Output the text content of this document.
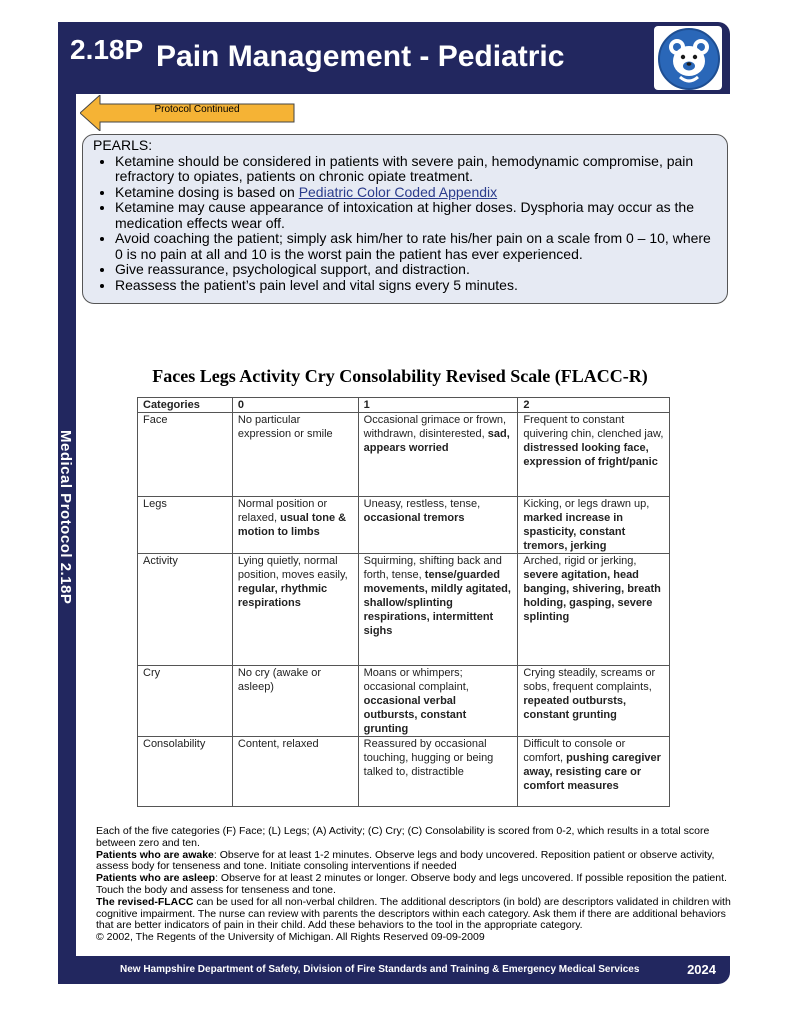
2.18P Pain Management - Pediatric
Medical Protocol 2.18P
Protocol Continued
PEARLS:
• Ketamine should be considered in patients with severe pain, hemodynamic compromise, pain refractory to opiates, patients on chronic opiate treatment.
• Ketamine dosing is based on Pediatric Color Coded Appendix
• Ketamine may cause appearance of intoxication at higher doses. Dysphoria may occur as the medication effects wear off.
• Avoid coaching the patient; simply ask him/her to rate his/her pain on a scale from 0 – 10, where 0 is no pain at all and 10 is the worst pain the patient has ever experienced.
• Give reassurance, psychological support, and distraction.
• Reassess the patient’s pain level and vital signs every 5 minutes.
Faces Legs Activity Cry Consolability Revised Scale (FLACC-R)
Categories	0	1	2
Face	No particular expression or smile	Occasional grimace or frown, withdrawn, disinterested, sad, appears worried	Frequent to constant quivering chin, clenched jaw, distressed looking face, expression of fright/panic
Legs	Normal position or relaxed, usual tone & motion to limbs	Uneasy, restless, tense, occasional tremors	Kicking, or legs drawn up, marked increase in spasticity, constant tremors, jerking
Activity	Lying quietly, normal position, moves easily, regular, rhythmic respirations	Squirming, shifting back and forth, tense, tense/guarded movements, mildly agitated, shallow/splinting respirations, intermittent sighs	Arched, rigid or jerking, severe agitation, head banging, shivering, breath holding, gasping, severe splinting
Cry	No cry (awake or asleep)	Moans or whimpers; occasional complaint, occasional verbal outbursts, constant grunting	Crying steadily, screams or sobs, frequent complaints, repeated outbursts, constant grunting
Consolability	Content, relaxed	Reassured by occasional touching, hugging or being talked to, distractible	Difficult to console or comfort, pushing caregiver away, resisting care or comfort measures

Each of the five categories (F) Face; (L) Legs; (A) Activity; (C) Cry; (C) Consolability is scored from 0-2, which results in a total score between zero and ten.

Patients who are awake: Observe for at least 1-2 minutes. Observe legs and body uncovered. Reposition patient or observe activity, assess body for tenseness and tone. Initiate consoling interventions if needed

Patients who are asleep: Observe for at least 2 minutes or longer. Observe body and legs uncovered. If possible reposition the patient. Touch the body and assess for tenseness and tone.

The revised-FLACC can be used for all non-verbal children. The additional descriptors (in bold) are descriptors validated in children with cognitive impairment. The nurse can review with parents the descriptors within each category. Ask them if there are additional behaviors that are better indicators of pain in their child. Add these behaviors to the tool in the appropriate category.

© 2002, The Regents of the University of Michigan. All Rights Reserved 09-09-2009

New Hampshire Department of Safety, Division of Fire Standards and Training & Emergency Medical Services	2024
